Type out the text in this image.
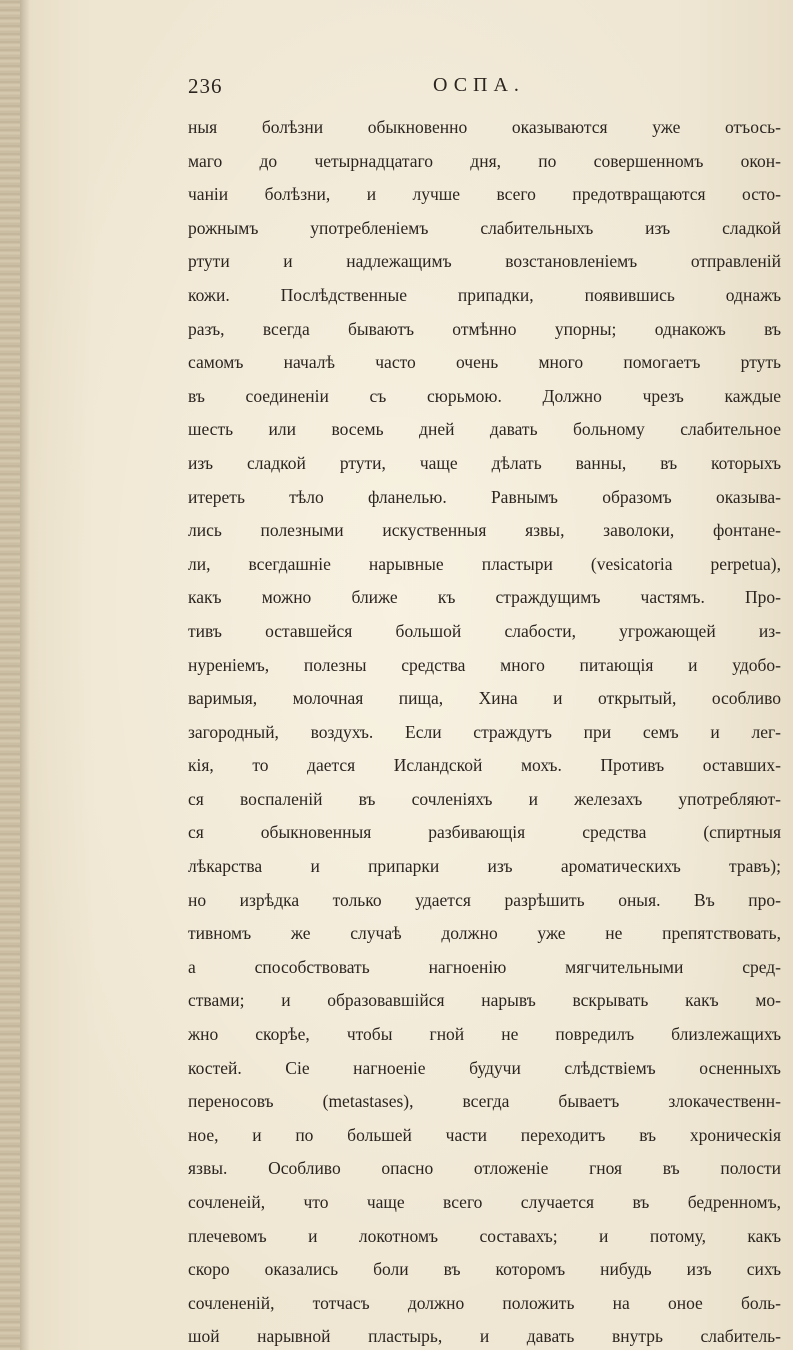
236	ОСПА.
ныя болѣзни обыкновенно оказываются уже отъось-
маго до четырнадцатаго дня, по совершенномъ окон-
чаніи болѣзни, и лучше всего предотвращаются осто-
рожнымъ употребленіемъ слабительныхъ изъ сладкой
ртути и надлежащимъ возстановленіемъ отправленій
кожи. Послѣдственные припадки, появившись однажъ
разъ, всегда бываютъ отмѣнно упорны; однакожъ въ
самомъ началѣ часто очень много помогаетъ ртуть
въ соединеніи съ сюрьмою. Должно чрезъ каждые
шесть или восемь дней давать больному слабительное
изъ сладкой ртути, чаще дѣлать ванны, въ которыхъ
итереть тѣло фланелью. Равнымъ образомъ оказыва-
лись полезными искуственныя язвы, заволоки, фонтане-
ли, всегдашніе нарывные пластыри (vesicatoria perpetua),
какъ можно ближе къ страждущимъ частямъ. Про-
тивъ оставшейся большой слабости, угрожающей из-
нуреніемъ, полезны средства много питающія и удобо-
варимыя, молочная пища, Хина и открытый, особливо
загородный, воздухъ. Если страждутъ при семъ и лег-
кія, то дается Исландской мохъ. Противъ оставших-
ся воспаленій въ сочленіяхъ и железахъ употребляют-
ся обыкновенныя разбивающія средства (спиртныя
лѣкарства и припарки изъ ароматическихъ травъ);
но изрѣдка только удается разрѣшить оныя. Въ про-
тивномъ же случаѣ должно уже не препятствовать,
а способствовать нагноенію мягчительными сред-
ствами; и образовавшійся нарывъ вскрывать какъ мо-
жно скорѣе, чтобы гной не повредилъ близлежащихъ
костей. Сіе нагноеніе будучи слѣдствіемъ осненныхъ
переносовъ (metastases), всегда бываетъ злокачественн-
ное, и по большей части переходитъ въ хроническія
язвы. Особливо опасно отложеніе гноя въ полости
сочленеій, что чаще всего случается въ бедренномъ,
плечевомъ и локотномъ составахъ; и потому, какъ
скоро оказались боли въ которомъ нибудь изъ сихъ
сочлененій, тотчасъ должно положить на оное боль-
шой нарывной пластырь, и давать внутрь слабитель-
